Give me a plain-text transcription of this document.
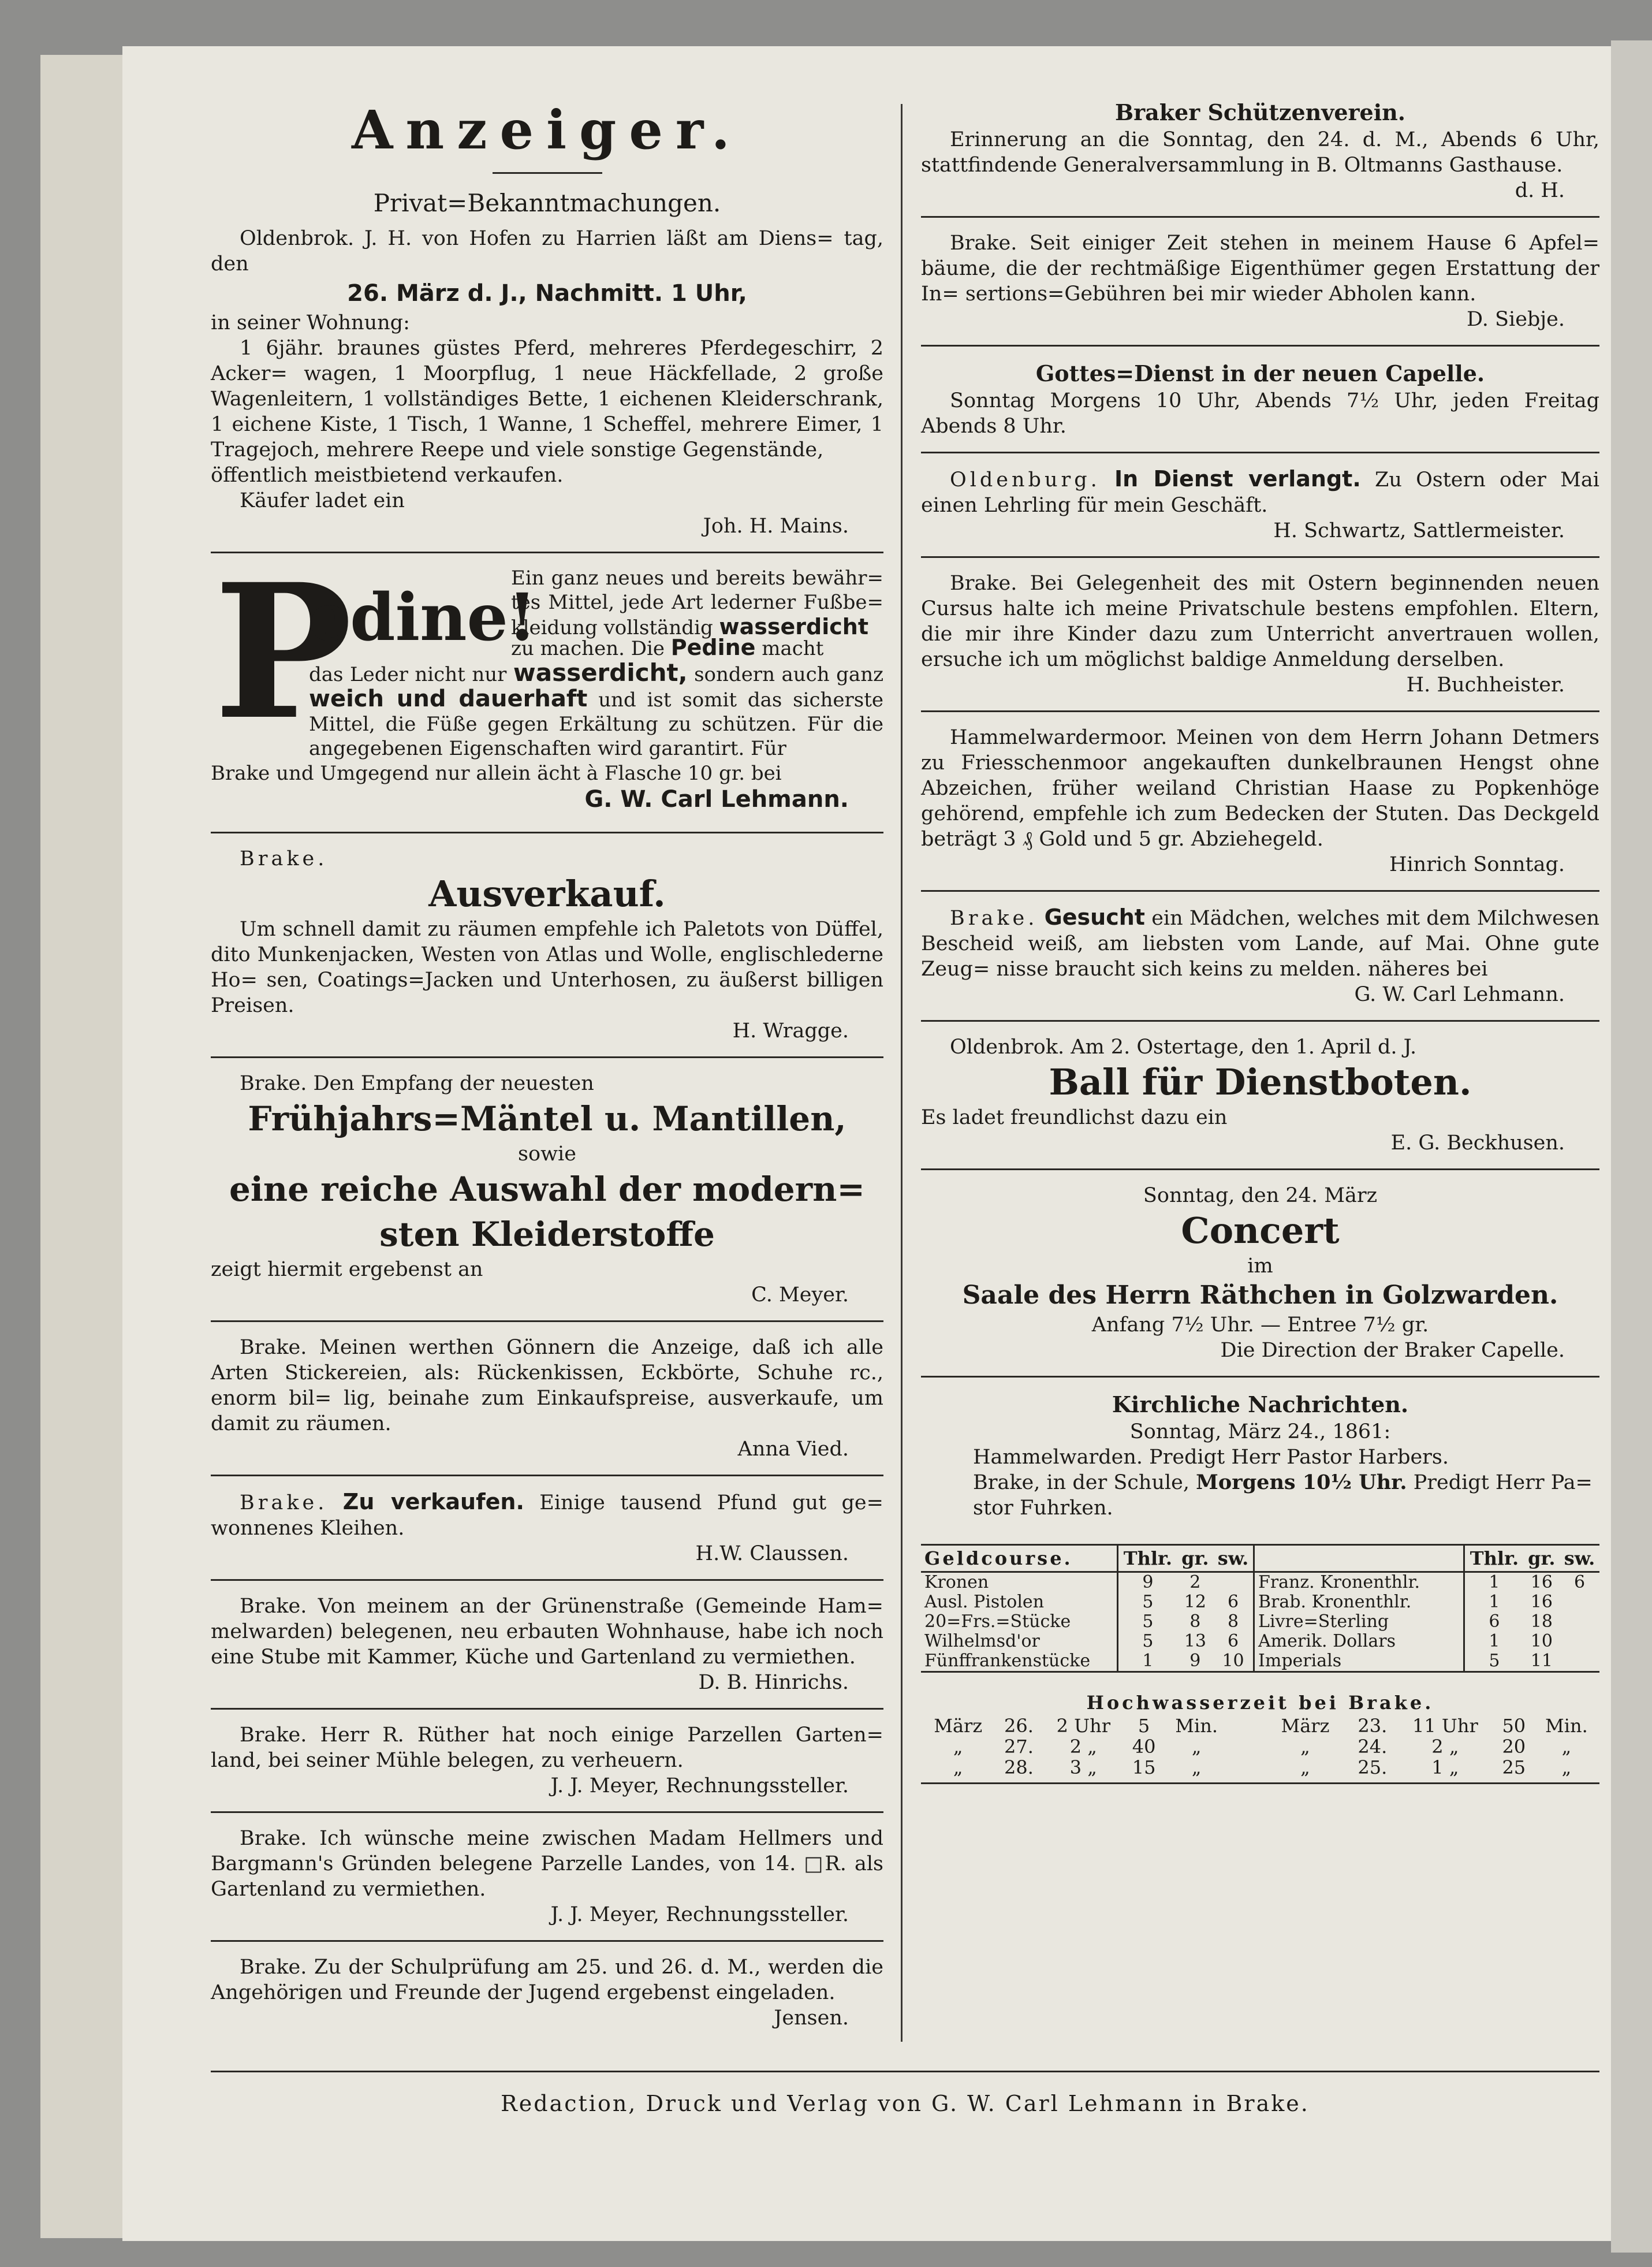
Anzeiger.
Privat=Bekanntmachungen.
Oldenbrok. J. H. von Hofen zu Harrien läßt am Diens= tag, den
26. März d. J., Nachmitt. 1 Uhr,
in seiner Wohnung:
1 6jähr. braunes güstes Pferd, mehreres Pferdegeschirr, 2 Acker= wagen, 1 Moorpflug, 1 neue Häckfellade, 2 große Wagenleitern, 1 vollständiges Bette, 1 eichenen Kleiderschrank, 1 eichene Kiste, 1 Tisch, 1 Wanne, 1 Scheffel, mehrere Eimer, 1 Tragejoch, mehrere Reepe und viele sonstige Gegenstände,
öffentlich meistbietend verkaufen.
Käufer ladet ein
Joh. H. Mains.
P
edine!
Ein ganz neues und bereits bewähr= tes Mittel, jede Art lederner Fußbe= kleidung vollständig wasserdicht
zu machen. Die Pedine macht
das Leder nicht nur wasserdicht, sondern auch ganz weich und dauerhaft und ist somit das sicherste Mittel, die Füße gegen Erkältung zu schützen. Für die angegebenen Eigenschaften wird garantirt. Für
Brake und Umgegend nur allein ächt à Flasche 10 gr. bei
G. W. Carl Lehmann.
Brake.
Ausverkauf.
Um schnell damit zu räumen empfehle ich Paletots von Düffel, dito Munkenjacken, Westen von Atlas und Wolle, englischlederne Ho= sen, Coatings=Jacken und Unterhosen, zu äußerst billigen Preisen.
H. Wragge.
Brake. Den Empfang der neuesten
Frühjahrs=Mäntel u. Mantillen,
sowie
eine reiche Auswahl der modern= sten Kleiderstoffe
zeigt hiermit ergebenst an
C. Meyer.
Brake. Meinen werthen Gönnern die Anzeige, daß ich alle Arten Stickereien, als: Rückenkissen, Eckbörte, Schuhe rc., enorm bil= lig, beinahe zum Einkaufspreise, ausverkaufe, um damit zu räumen.
Anna Vied.
Brake. Zu verkaufen. Einige tausend Pfund gut ge= wonnenes Kleihen.
H.W. Claussen.
Brake. Von meinem an der Grünenstraße (Gemeinde Ham= melwarden) belegenen, neu erbauten Wohnhause, habe ich noch eine Stube mit Kammer, Küche und Gartenland zu vermiethen.
D. B. Hinrichs.
Brake. Herr R. Rüther hat noch einige Parzellen Garten= land, bei seiner Mühle belegen, zu verheuern.
J. J. Meyer, Rechnungssteller.
Brake. Ich wünsche meine zwischen Madam Hellmers und Bargmann's Gründen belegene Parzelle Landes, von 14. □R. als Gartenland zu vermiethen.
J. J. Meyer, Rechnungssteller.
Brake. Zu der Schulprüfung am 25. und 26. d. M., werden die Angehörigen und Freunde der Jugend ergebenst eingeladen.
Jensen.
Braker Schützenverein.
Erinnerung an die Sonntag, den 24. d. M., Abends 6 Uhr, stattfindende Generalversammlung in B. Oltmanns Gasthause.
d. H.
Brake. Seit einiger Zeit stehen in meinem Hause 6 Apfel= bäume, die der rechtmäßige Eigenthümer gegen Erstattung der In= sertions=Gebühren bei mir wieder Abholen kann.
D. Siebje.
Gottes=Dienst in der neuen Capelle.
Sonntag Morgens 10 Uhr, Abends 7½ Uhr, jeden Freitag Abends 8 Uhr.
Oldenburg. In Dienst verlangt. Zu Ostern oder Mai einen Lehrling für mein Geschäft.
H. Schwartz, Sattlermeister.
Brake. Bei Gelegenheit des mit Ostern beginnenden neuen Cursus halte ich meine Privatschule bestens empfohlen. Eltern, die mir ihre Kinder dazu zum Unterricht anvertrauen wollen, ersuche ich um möglichst baldige Anmeldung derselben.
H. Buchheister.
Hammelwardermoor. Meinen von dem Herrn Johann Detmers zu Friesschenmoor angekauften dunkelbraunen Hengst ohne Abzeichen, früher weiland Christian Haase zu Popkenhöge gehörend, empfehle ich zum Bedecken der Stuten. Das Deckgeld beträgt 3 ₰ Gold und 5 gr. Abziehegeld.
Hinrich Sonntag.
Brake. Gesucht ein Mädchen, welches mit dem Milchwesen Bescheid weiß, am liebsten vom Lande, auf Mai. Ohne gute Zeug= nisse braucht sich keins zu melden. näheres bei
G. W. Carl Lehmann.
Oldenbrok. Am 2. Ostertage, den 1. April d. J.
Ball für Dienstboten.
Es ladet freundlichst dazu ein
E. G. Beckhusen.
Sonntag, den 24. März
Concert
im
Saale des Herrn Räthchen in Golzwarden.
Anfang 7½ Uhr. — Entree 7½ gr.
Die Direction der Braker Capelle.
Kirchliche Nachrichten.
Sonntag, März 24., 1861:
Hammelwarden. Predigt Herr Pastor Harbers.
Brake, in der Schule, Morgens 10½ Uhr. Predigt Herr Pa= stor Fuhrken.
Geldcourse.	Thlr.	gr.	sw.		Thlr.	gr.	sw.
Kronen	9	2		Franz. Kronenthlr.	1	16	6
Ausl. Pistolen	5	12	6	Brab. Kronenthlr.	1	16	
20=Frs.=Stücke	5	8	8	Livre=Sterling	6	18	
Wilhelmsd'or	5	13	6	Amerik. Dollars	1	10	
Fünffrankenstücke	1	9	10	Imperials	5	11	
Hochwasserzeit bei Brake.
März	26.	2 Uhr	5	Min.	März	23.	11 Uhr	50	Min.
„	27.	2 „	40	„	„	24.	2 „	20	„
„	28.	3 „	15	„	„	25.	1 „	25	„
Redaction, Druck und Verlag von G. W. Carl Lehmann in Brake.
